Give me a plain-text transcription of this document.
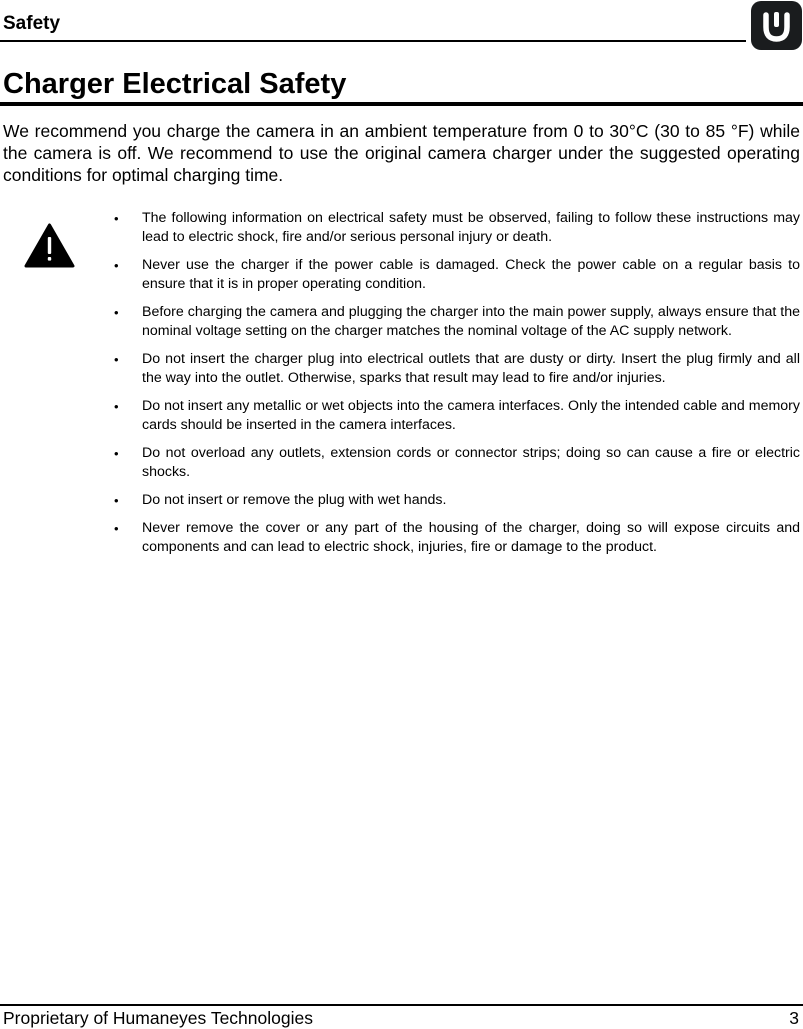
Safety
Charger Electrical Safety

We recommend you charge the camera in an ambient temperature from 0 to 30°C (30 to 85 °F) while the camera is off. We recommend to use the original camera charger under the suggested operating conditions for optimal charging time.

• The following information on electrical safety must be observed, failing to follow these instructions may lead to electric shock, fire and/or serious personal injury or death.
• Never use the charger if the power cable is damaged. Check the power cable on a regular basis to ensure that it is in proper operating condition.
• Before charging the camera and plugging the charger into the main power supply, always ensure that the nominal voltage setting on the charger matches the nominal voltage of the AC supply network.
• Do not insert the charger plug into electrical outlets that are dusty or dirty. Insert the plug firmly and all the way into the outlet. Otherwise, sparks that result may lead to fire and/or injuries.
• Do not insert any metallic or wet objects into the camera interfaces. Only the intended cable and memory cards should be inserted in the camera interfaces.
• Do not overload any outlets, extension cords or connector strips; doing so can cause a fire or electric shocks.
• Do not insert or remove the plug with wet hands.
• Never remove the cover or any part of the housing of the charger, doing so will expose circuits and components and can lead to electric shock, injuries, fire or damage to the product.
Proprietary of Humaneyes Technologies	3
